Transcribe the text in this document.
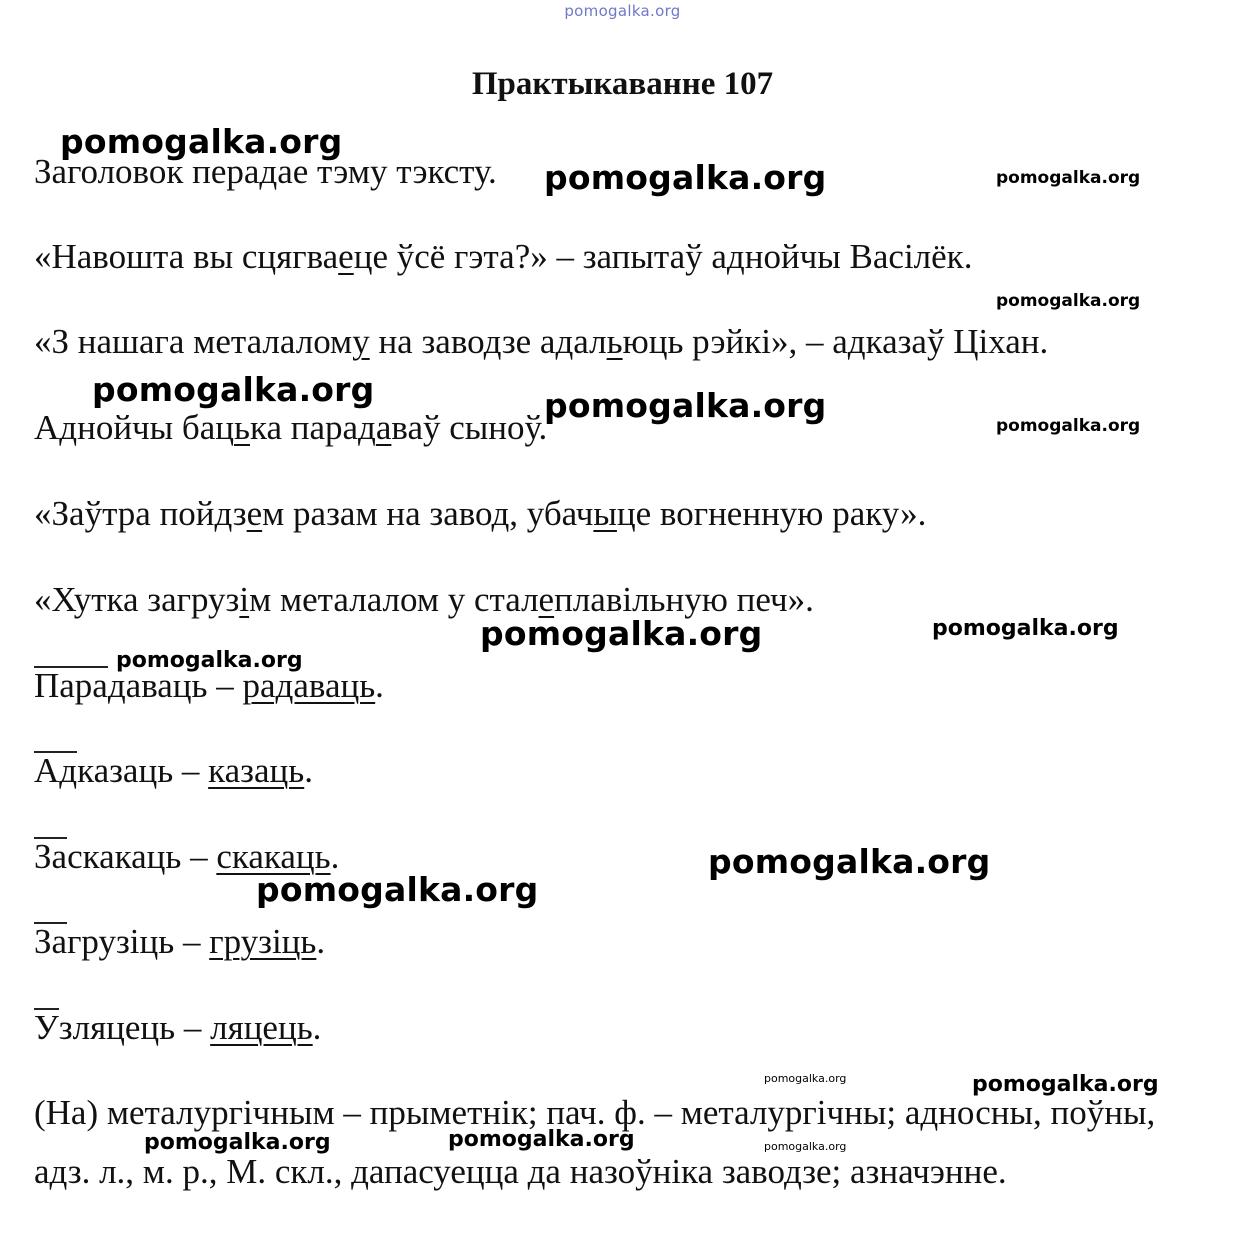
pomogalka.org
Практыкаванне 107
Заголовок перадае тэму тэксту.
«Навошта вы сцягваеце ўсё гэта?» – запытаў аднойчы Васілёк.
«З нашага металалому на заводзе адальюць рэйкі», – адказаў Ціхан.
Аднойчы бацька парадаваў сыноў.
«Заўтра пойдзем разам на завод, убачыце вогненную раку».
«Хутка загрузім металалом у сталеплавільную печ».
Парадаваць – радаваць.
Адказаць – казаць.
Заскакаць – скакаць.
Загрузіць – грузіць.
Узляцець – ляцець.
(На) металургічным – прыметнік; пач. ф. – металургічны; адносны, поўны,
адз. л., м. р., М. скл., дапасуецца да назоўніка заводзе; азначэнне.
pomogalka.org
pomogalka.org	pomogalka.org
pomogalka.org
pomogalka.org	pomogalka.org
pomogalka.org
pomogalka.org	pomogalka.org
pomogalka.org
pomogalka.org
pomogalka.org
pomogalka.org	pomogalka.org
pomogalka.org	pomogalka.org	pomogalka.org
